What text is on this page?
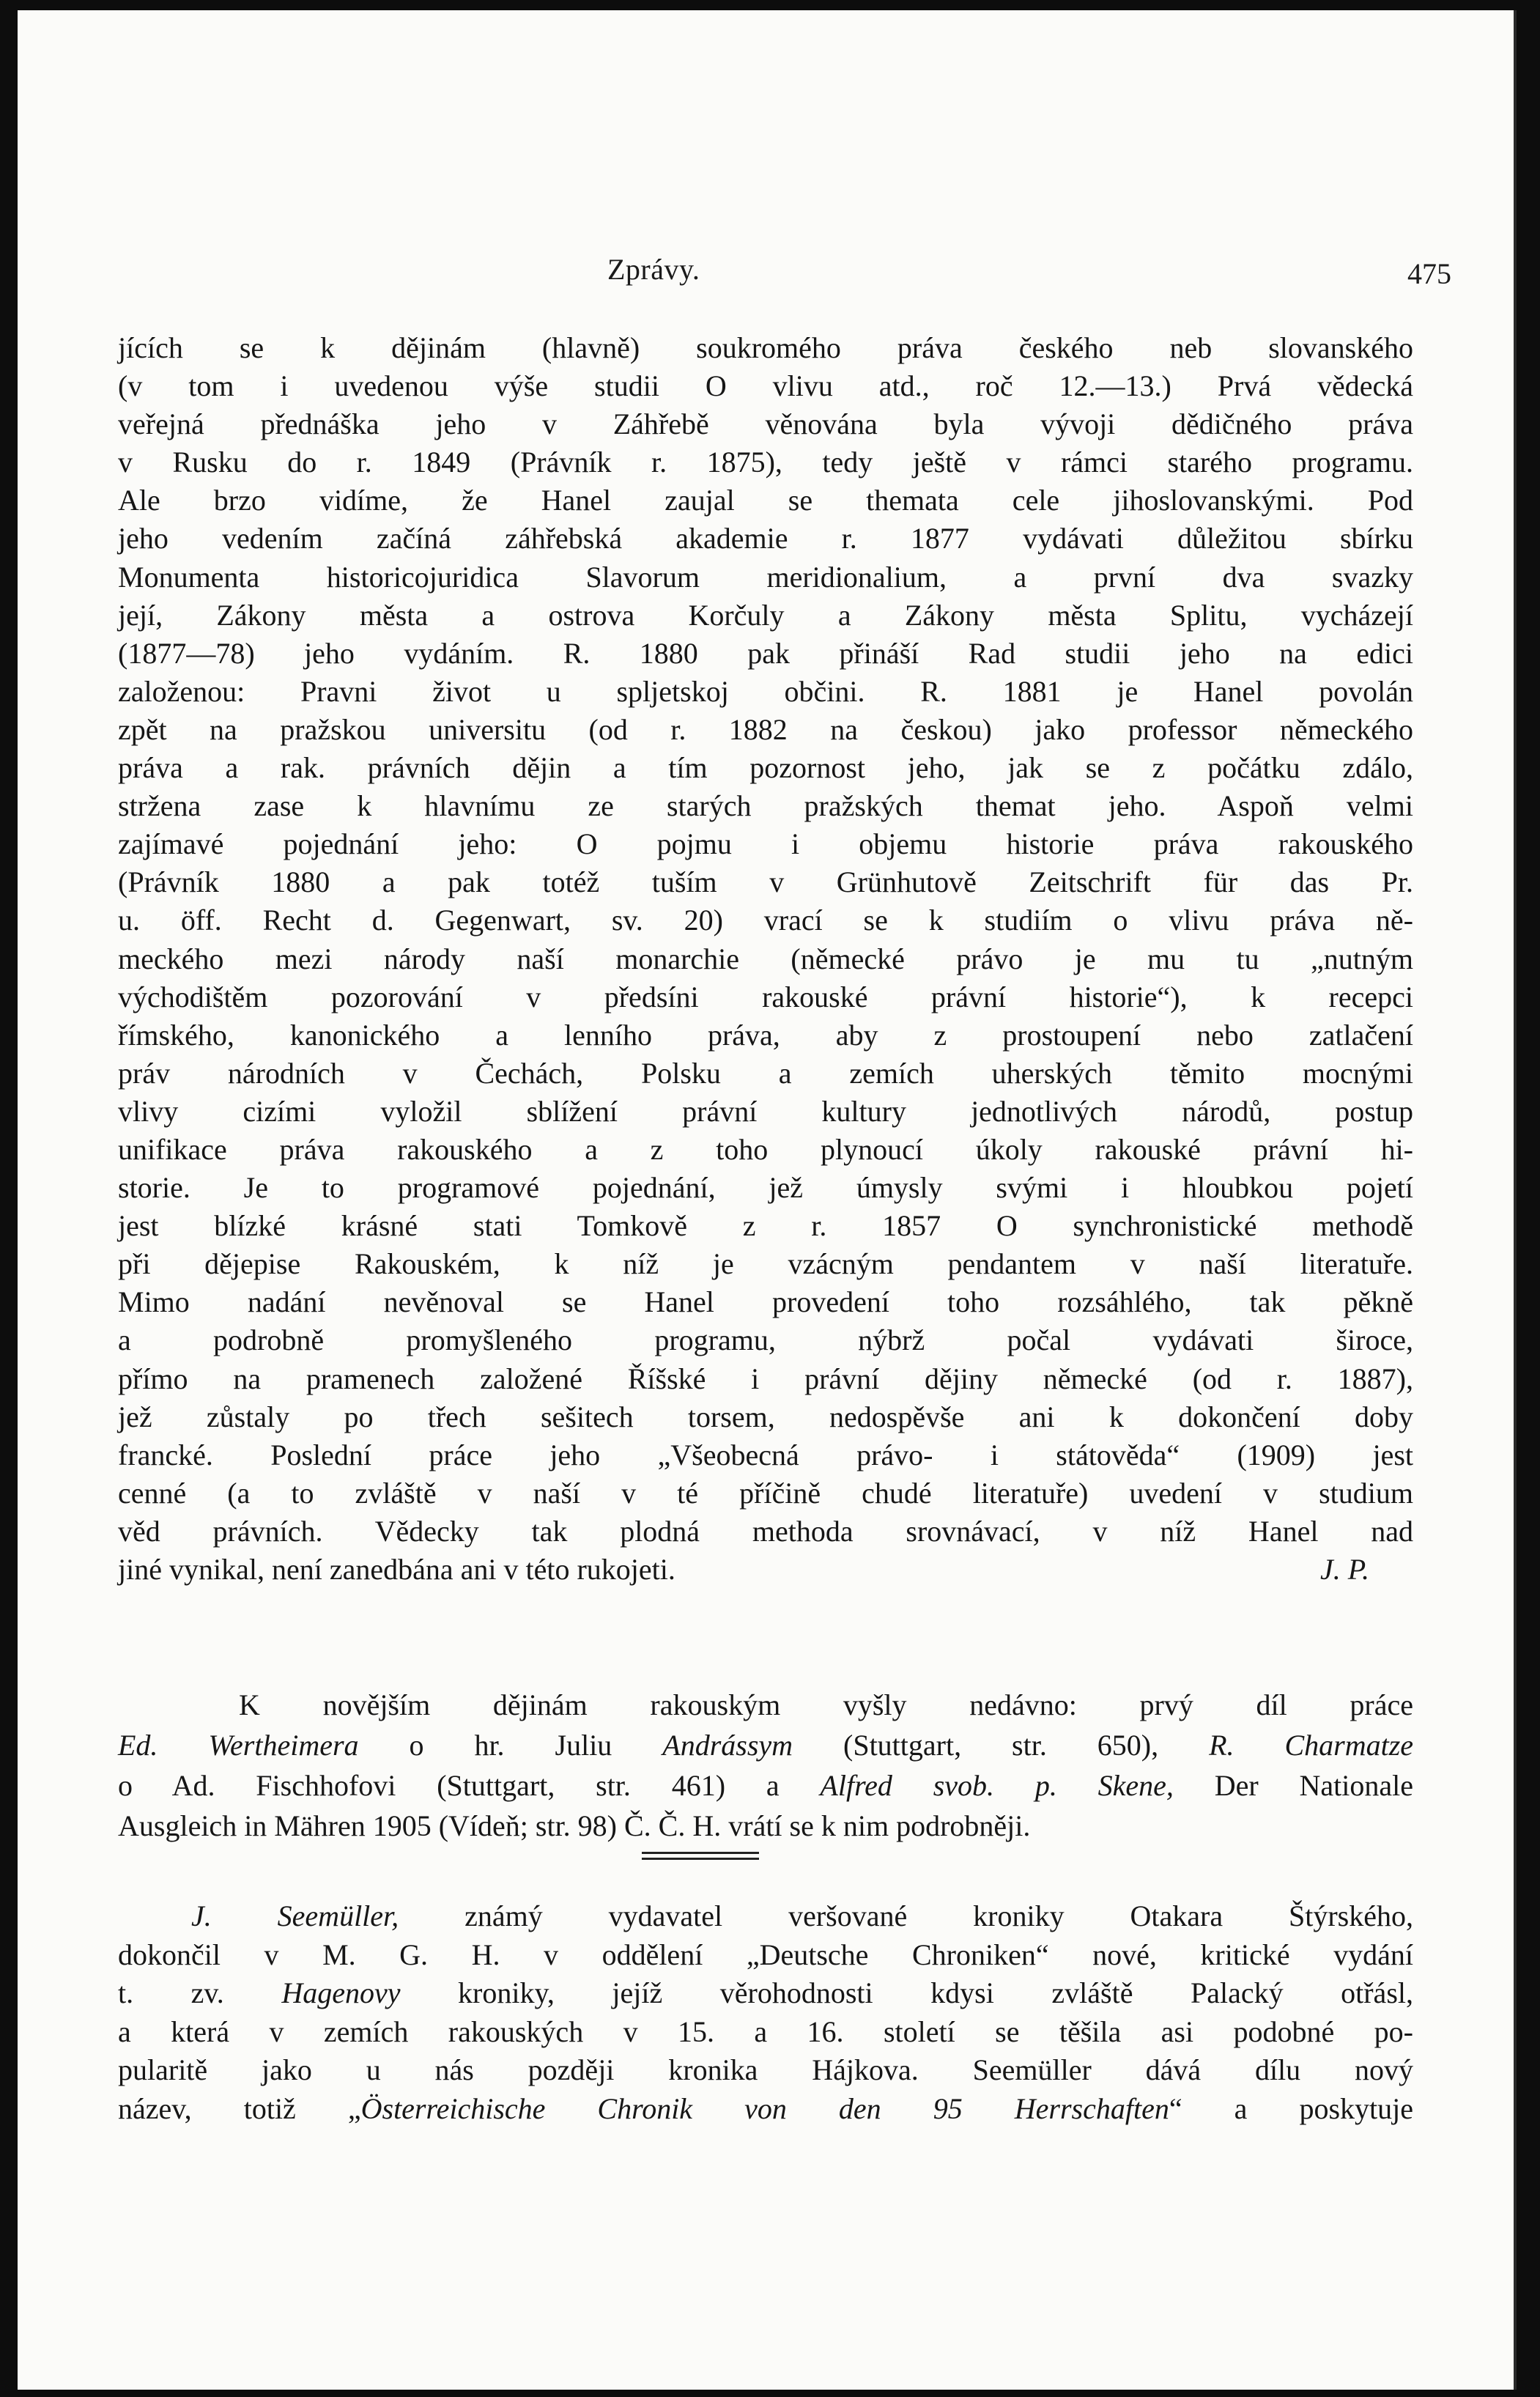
Zprávy.	475
jících se k dějinám (hlavně) soukromého práva českého neb slovanského
(v tom i uvedenou výše studii O vlivu atd., roč 12.—13.) Prvá vědecká
veřejná přednáška jeho v Záhřebě věnována byla vývoji dědičného práva
v Rusku do r. 1849 (Právník r. 1875), tedy ještě v rámci starého programu.
Ale brzo vidíme, že Hanel zaujal se themata cele jihoslovanskými. Pod
jeho vedením začíná záhřebská akademie r. 1877 vydávati důležitou sbírku
Monumenta historicojuridica Slavorum meridionalium, a první dva svazky
její, Zákony města a ostrova Korčuly a Zákony města Splitu, vycházejí
(1877—78) jeho vydáním. R. 1880 pak přináší Rad studii jeho na edici
založenou: Pravni život u spljetskoj občini. R. 1881 je Hanel povolán
zpět na pražskou universitu (od r. 1882 na českou) jako professor německého
práva a rak. právních dějin a tím pozornost jeho, jak se z počátku zdálo,
stržena zase k hlavnímu ze starých pražských themat jeho. Aspoň velmi
zajímavé pojednání jeho: O pojmu i objemu historie práva rakouského
(Právník 1880 a pak totéž tuším v Grünhutově Zeitschrift für das Pr.
u. öff. Recht d. Gegenwart, sv. 20) vrací se k studiím o vlivu práva ně-
meckého mezi národy naší monarchie (německé právo je mu tu „nutným
východištěm pozorování v předsíni rakouské právní historie“), k recepci
římského, kanonického a lenního práva, aby z prostoupení nebo zatlačení
práv národních v Čechách, Polsku a zemích uherských těmito mocnými
vlivy cizími vyložil sblížení právní kultury jednotlivých národů, postup
unifikace práva rakouského a z toho plynoucí úkoly rakouské právní hi-
storie. Je to programové pojednání, jež úmysly svými i hloubkou pojetí
jest blízké krásné stati Tomkově z r. 1857 O synchronistické methodě
při dějepise Rakouském, k níž je vzácným pendantem v naší literatuře.
Mimo nadání nevěnoval se Hanel provedení toho rozsáhlého, tak pěkně
a podrobně promyšleného programu, nýbrž počal vydávati široce,
přímo na pramenech založené Říšské i právní dějiny německé (od r. 1887),
jež zůstaly po třech sešitech torsem, nedospěvše ani k dokončení doby
francké. Poslední práce jeho „Všeobecná právo- i státověda“ (1909) jest
cenné (a to zvláště v naší v té příčině chudé literatuře) uvedení v studium
věd právních. Vědecky tak plodná methoda srovnávací, v níž Hanel nad
jiné vynikal, není zanedbána ani v této rukojeti.	J. P.
K novějším dějinám rakouským vyšly nedávno: prvý díl práce
Ed. Wertheimera o hr. Juliu Andrássym (Stuttgart, str. 650), R. Charmatze
o Ad. Fischhofovi (Stuttgart, str. 461) a Alfred svob. p. Skene, Der Nationale
Ausgleich in Mähren 1905 (Vídeň; str. 98) Č. Č. H. vrátí se k nim podrobněji.
J. Seemüller, známý vydavatel veršované kroniky Otakara Štýrského,
dokončil v M. G. H. v oddělení „Deutsche Chroniken“ nové, kritické vydání
t. zv. Hagenovy kroniky, jejíž věrohodnosti kdysi zvláště Palacký otřásl,
a která v zemích rakouských v 15. a 16. století se těšila asi podobné po-
pularitě jako u nás později kronika Hájkova. Seemüller dává dílu nový
název, totiž „Österreichische Chronik von den 95 Herrschaften“ a poskytuje
